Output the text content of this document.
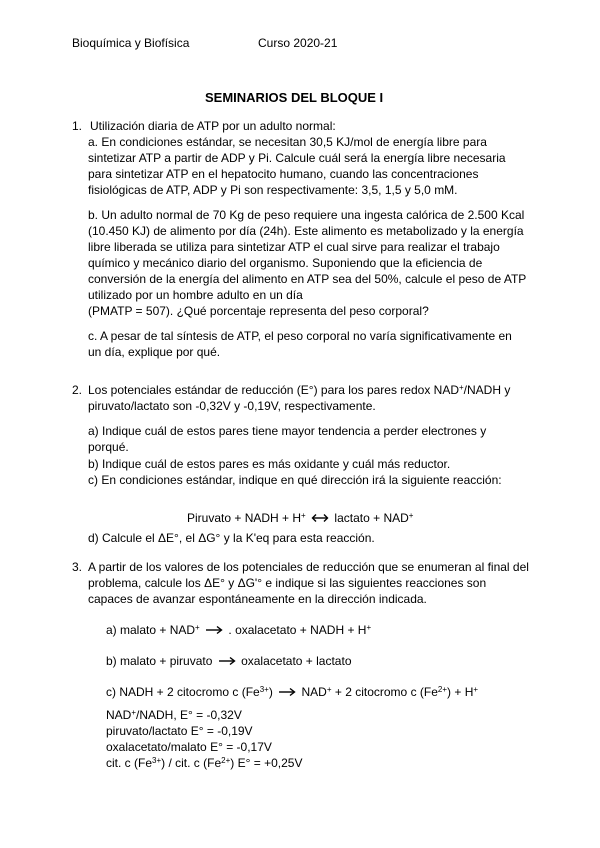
Bioquímica y Biofísica	Curso 2020-21
SEMINARIOS DEL BLOQUE I
1. Utilización diaria de ATP por un adulto normal:
a. En condiciones estándar, se necesitan 30,5 KJ/mol de energía libre para sintetizar ATP a partir de ADP y Pi. Calcule cuál será la energía libre necesaria para sintetizar ATP en el hepatocito humano, cuando las concentraciones fisiológicas de ATP, ADP y Pi son respectivamente: 3,5, 1,5 y 5,0 mM.
b. Un adulto normal de 70 Kg de peso requiere una ingesta calórica de 2.500 Kcal (10.450 KJ) de alimento por día (24h). Este alimento es metabolizado y la energía libre liberada se utiliza para sintetizar ATP el cual sirve para realizar el trabajo químico y mecánico diario del organismo. Suponiendo que la eficiencia de conversión de la energía del alimento en ATP sea del 50%, calcule el peso de ATP utilizado por un hombre adulto en un día
(PMATP = 507). ¿Qué porcentaje representa del peso corporal?
c. A pesar de tal síntesis de ATP, el peso corporal no varía significativamente en un día, explique por qué.
2. Los potenciales estándar de reducción (E°) para los pares redox NAD+/NADH y piruvato/lactato son -0,32V y -0,19V, respectivamente.
a) Indique cuál de estos pares tiene mayor tendencia a perder electrones y porqué.
b) Indique cuál de estos pares es más oxidante y cuál más reductor.
c) En condiciones estándar, indique en qué dirección irá la siguiente reacción:
Piruvato + NADH + H+ lactato + NAD+
d) Calcule el ΔE°, el ΔG° y la K'eq para esta reacción.
3. A partir de los valores de los potenciales de reducción que se enumeran al final del problema, calcule los ΔE° y ΔG'° e indique si las siguientes reacciones son capaces de avanzar espontáneamente en la dirección indicada.
a) malato + NAD+ . oxalacetato + NADH + H+
b) malato + piruvato oxalacetato + lactato
c) NADH + 2 citocromo c $(Fe^{3+}) NAD^+ + 2$ citocromo c $(Fe^{2+}) + H^+$
NAD+/NADH, E° = -0,32V
piruvato/lactato E° = -0,19V
oxalacetato/malato E° = -0,17V
cit. c $(Fe^{3+})$ / cit. c $(Fe^{2+}) E^\circ = +0,25V$
